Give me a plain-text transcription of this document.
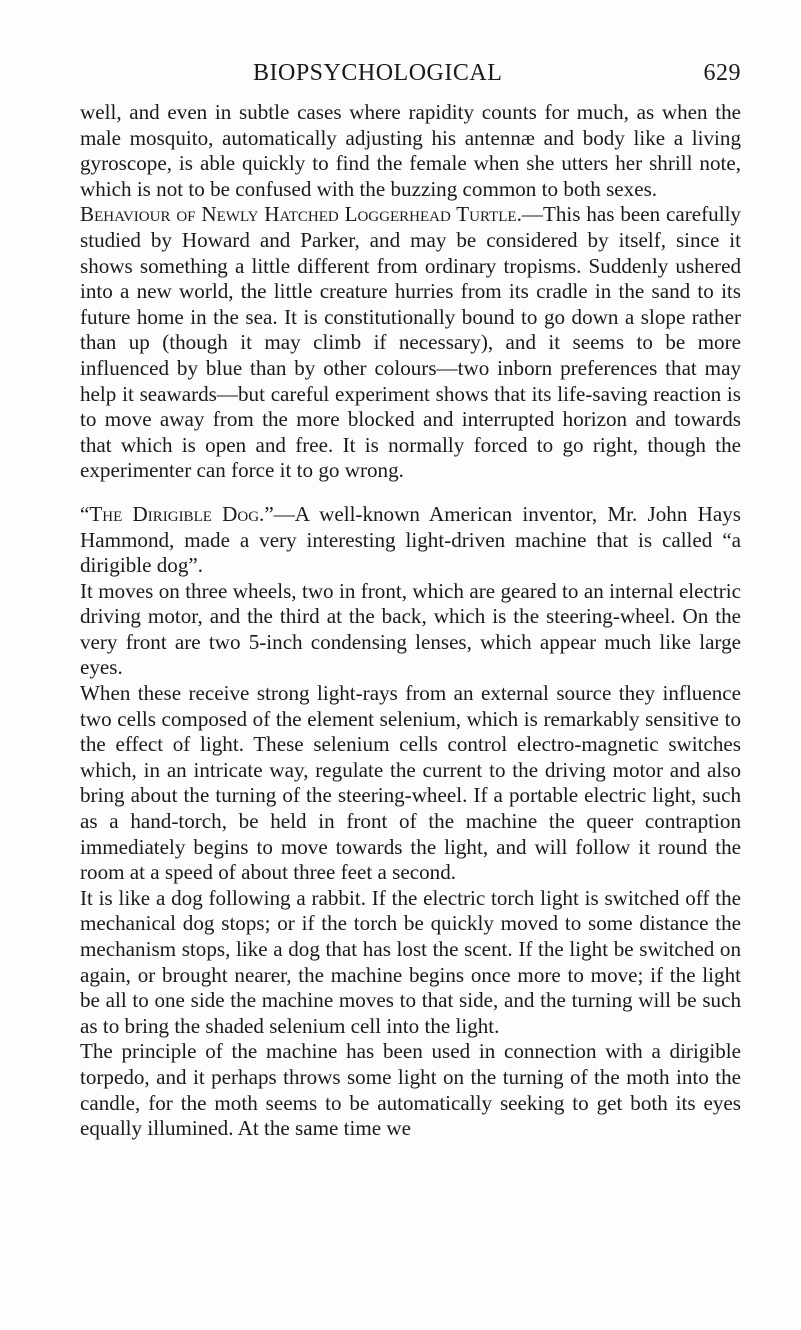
BIOPSYCHOLOGICAL	629

well, and even in subtle cases where rapidity counts for much, as when the male mosquito, automatically adjusting his antennæ and body like a living gyroscope, is able quickly to find the female when she utters her shrill note, which is not to be confused with the buzzing common to both sexes.

Behaviour of Newly Hatched Loggerhead Turtle.—This has been carefully studied by Howard and Parker, and may be considered by itself, since it shows something a little different from ordinary tropisms. Suddenly ushered into a new world, the little creature hurries from its cradle in the sand to its future home in the sea. It is constitutionally bound to go down a slope rather than up (though it may climb if necessary), and it seems to be more influenced by blue than by other colours—two inborn preferences that may help it seawards—but careful experiment shows that its life-saving reaction is to move away from the more blocked and interrupted horizon and towards that which is open and free. It is normally forced to go right, though the experimenter can force it to go wrong.

“The Dirigible Dog.”—A well-known American inventor, Mr. John Hays Hammond, made a very interesting light-driven machine that is called “a dirigible dog”.

It moves on three wheels, two in front, which are geared to an internal electric driving motor, and the third at the back, which is the steering-wheel. On the very front are two 5-inch condensing lenses, which appear much like large eyes.

When these receive strong light-rays from an external source they influence two cells composed of the element selenium, which is remarkably sensitive to the effect of light. These selenium cells control electro-magnetic switches which, in an intricate way, regulate the current to the driving motor and also bring about the turning of the steering-wheel. If a portable electric light, such as a hand-torch, be held in front of the machine the queer contraption immediately begins to move towards the light, and will follow it round the room at a speed of about three feet a second.

It is like a dog following a rabbit. If the electric torch light is switched off the mechanical dog stops; or if the torch be quickly moved to some distance the mechanism stops, like a dog that has lost the scent. If the light be switched on again, or brought nearer, the machine begins once more to move; if the light be all to one side the machine moves to that side, and the turning will be such as to bring the shaded selenium cell into the light.

The principle of the machine has been used in connection with a dirigible torpedo, and it perhaps throws some light on the turning of the moth into the candle, for the moth seems to be automatically seeking to get both its eyes equally illumined. At the same time we
